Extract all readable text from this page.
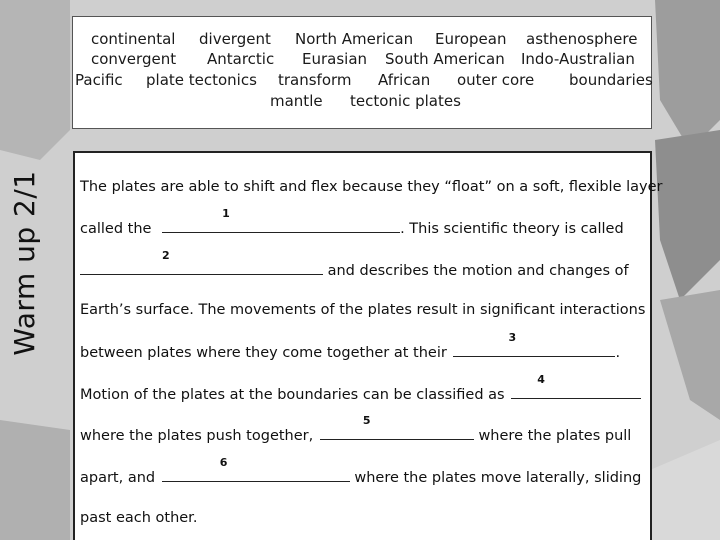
Warm up 2/1
continental divergent North American European asthenosphere
convergent Antarctic Eurasian South American Indo-Australian
Pacific plate tectonics transform African outer core boundaries
mantle tectonic plates
The plates are able to shift and flex because they “float” on a soft, flexible layer
called the
1
. This scientific theory is called
2
and describes the motion and changes of
Earth’s surface. The movements of the plates result in significant interactions
between plates where they come together at their
3
.
Motion of the plates at the boundaries can be classified as
4
where the plates push together,
5
where the plates pull
apart, and
6
where the plates move laterally, sliding
past each other.
